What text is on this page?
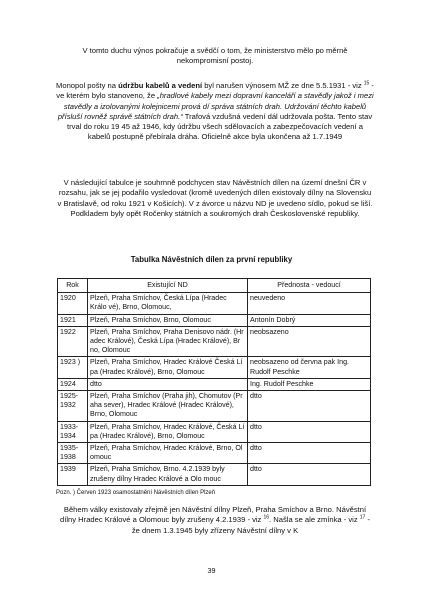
V tomto duchu výnos pokračuje a svědčí o tom, že ministerstvo mělo po měrně nekompromisní postoj.

Monopol pošty na údržbu kabelů a vedení byl narušen výnosem MŽ ze dne 5.5.1931 - viz $^{15}$ - ve kterém bylo stanoveno, že „hradlové kabely mezi dopravní kanceláří a stavědly jakož i mezi stavědly a izolovanými kolejnicemi prová dí správa státních drah. Udržování těchto kabelů přísluší rovněž správě státních drah.“ Trafová vzdušná vedení dál udržovala pošta. Tento stav trval do roku 19 45 až 1946, kdy údržbu všech sdělovacích a zabezpečovacích vedení a kabelů postupně přebírala dráha. Oficielně akce byla ukončena až 1.7.1949

V následující tabulce je souhrnně podchycen stav Návěstních dílen na území dnešní ČR v rozsahu, jak se jej podařilo vysledovat (kromě uvedených dílen existovaly dílny na Slovensku v Bratislavě, od roku 1921 v Košicích). V z ávorce u názvu ND je uvedeno sídlo, pokud se liší. Podkladem byly opět Ročenky státních a soukromých drah Československé republiky.

Tabulka Návěstních dílen za první republiky
Rok	Existující ND	Přednosta - vedoucí
1920	Plzeň, Praha Smíchov, Česká Lípa (Hradec Králo vé), Brno, Olomouc,	neuvedeno
1921	Plzeň, Praha Smíchov, Brno, Olomouc	Antonín Dobrý
1922	Plzeň, Praha Smíchov, Praha Denisovo nádr. (Hr adec Králové), Česká Lípa (Hradec Králové), Br no, Olomouc	neobsazeno
1923 )	Plzeň, Praha Smíchov, Hradec Králové Česká Lí pa (Hradec Králové), Brno, Olomouc	neobsazeno od června pak Ing. Rudolf Peschke
1924	dtto	Ing. Rudolf Peschke
1925- 1932	Plzeň, Praha Smíchov (Praha jih), Chomutov (Pr aha sever), Hradec Králové (Hradec Králové), Brno, Olomouc	dtto
1933- 1934	Plzeň, Praha Smíchov, Hradec Králové, Česká Lí pa (Hradec Králové), Brno, Olomouc	dtto
1935- 1938	Plzeň, Praha Smíchov, Hradec Králové, Brno, Ol omouc	dtto
1939	Plzeň, Praha Smíchov, Brno. 4.2.1939 byly zrušeny dílny Hradec Králové a Olo mouc	dtto
Pozn. ) Červen 1923 osamostatnění Návěstních dílen Plzeň

Během války existovaly zřejmě jen Návěstní dílny Plzeň, Praha Smíchov a Brno. Návěstní dílny Hradec Králové a Olomouc byly zrušeny 4.2.1939 - viz $^{16}$. Našla se ale zmínka - viz $^{17}$ - že dnem 1.3.1945 byly zřízeny Návěstní dílny v K

39
